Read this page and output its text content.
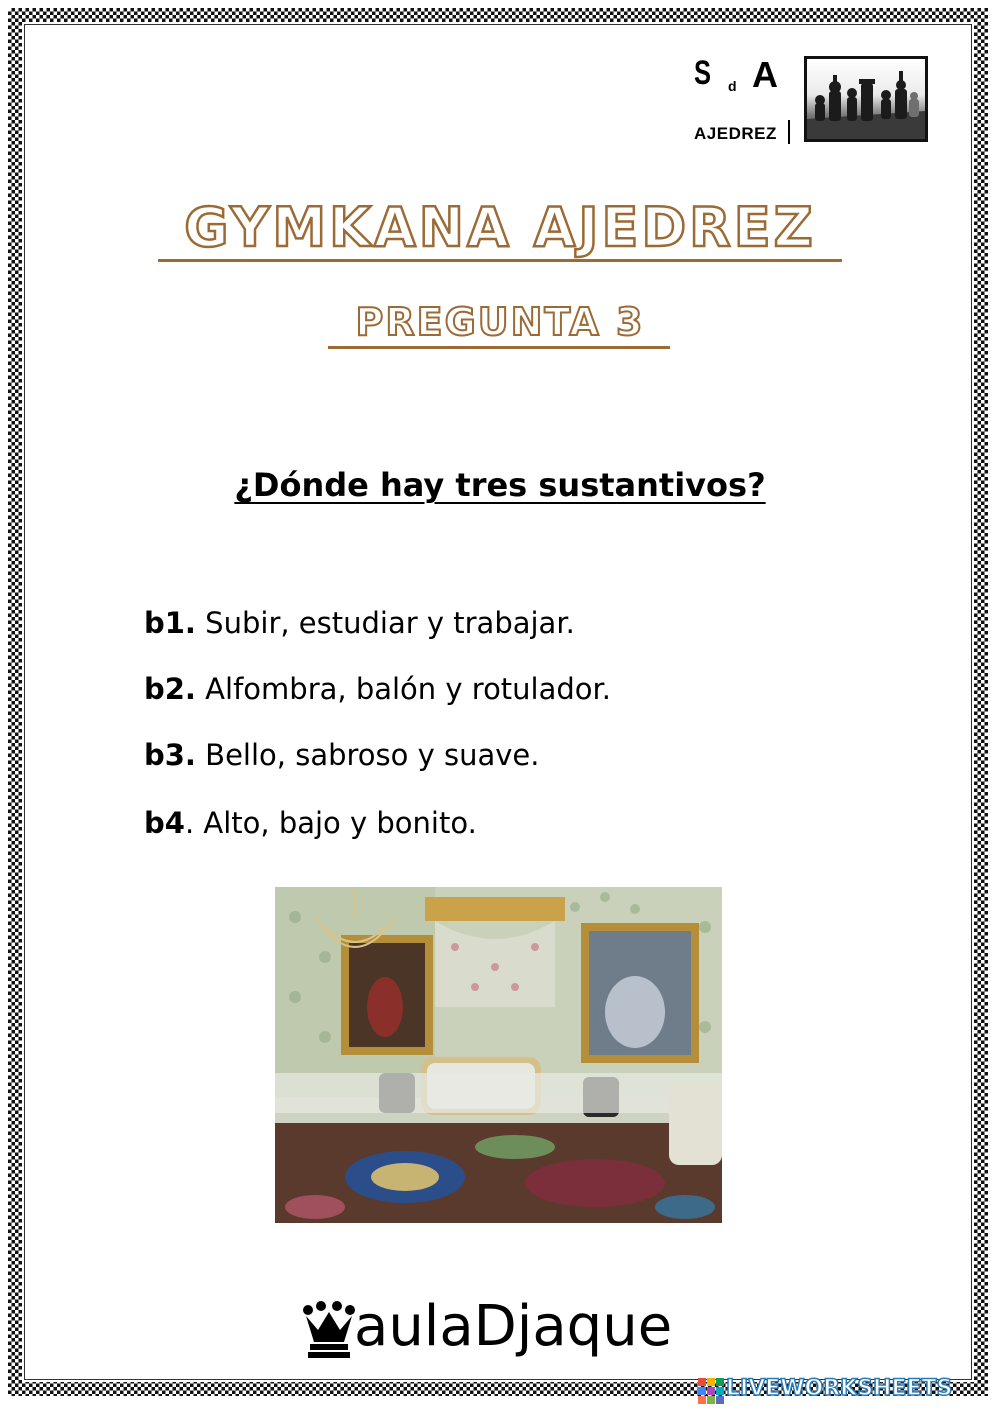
S d A
AJEDREZ
GYMKANA AJEDREZ
PREGUNTA 3
¿Dónde hay tres sustantivos?
b1. Subir, estudiar y trabajar.
b2. Alfombra, balón y rotulador.
b3. Bello, sabroso y suave.
b4. Alto, bajo y bonito.
aulaDjaque
LIVEWORKSHEETS
